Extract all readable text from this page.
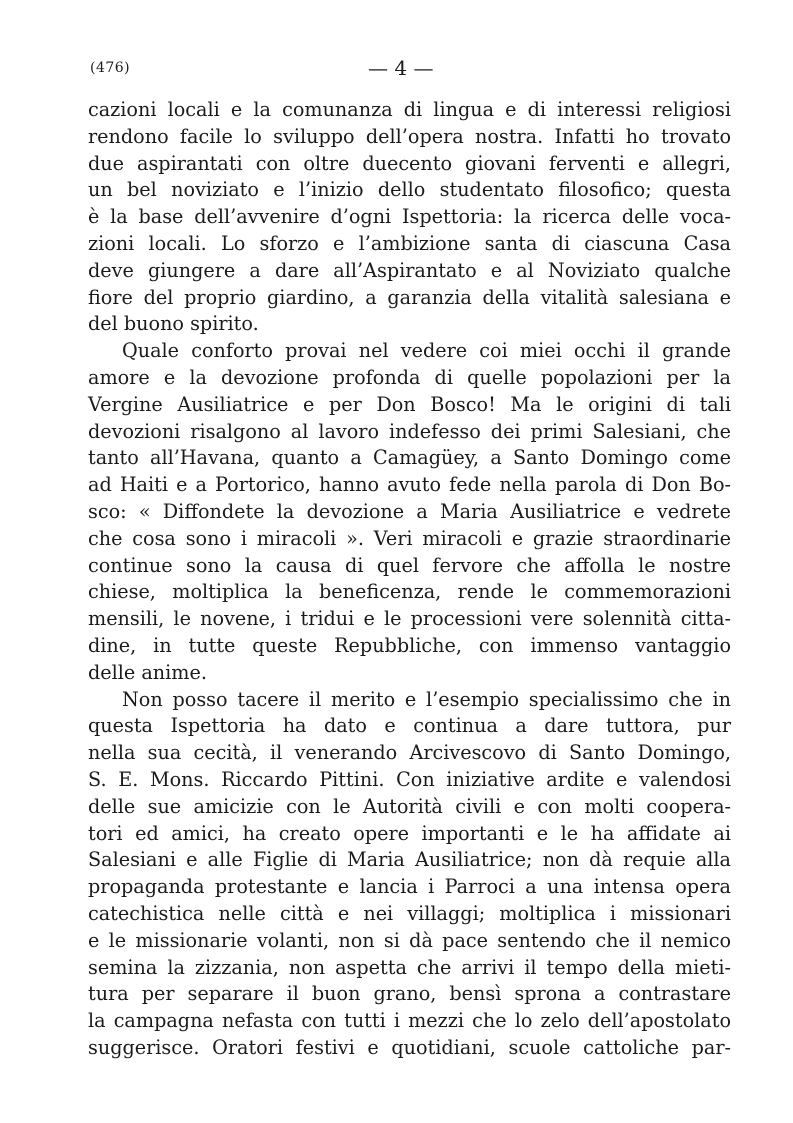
(476)	— 4 —
cazioni locali e la comunanza di lingua e di interessi religiosi
rendono facile lo sviluppo dell’opera nostra. Infatti ho trovato
due aspirantati con oltre duecento giovani ferventi e allegri,
un bel noviziato e l’inizio dello studentato filosofico; questa
è la base dell’avvenire d’ogni Ispettoria: la ricerca delle voca-
zioni locali. Lo sforzo e l’ambizione santa di ciascuna Casa
deve giungere a dare all’Aspirantato e al Noviziato qualche
fiore del proprio giardino, a garanzia della vitalità salesiana e
del buono spirito.
Quale conforto provai nel vedere coi miei occhi il grande
amore e la devozione profonda di quelle popolazioni per la
Vergine Ausiliatrice e per Don Bosco! Ma le origini di tali
devozioni risalgono al lavoro indefesso dei primi Salesiani, che
tanto all’Havana, quanto a Camagüey, a Santo Domingo come
ad Haiti e a Portorico, hanno avuto fede nella parola di Don Bo-
sco: « Diffondete la devozione a Maria Ausiliatrice e vedrete
che cosa sono i miracoli ». Veri miracoli e grazie straordinarie
continue sono la causa di quel fervore che affolla le nostre
chiese, moltiplica la beneficenza, rende le commemorazioni
mensili, le novene, i tridui e le processioni vere solennità citta-
dine, in tutte queste Repubbliche, con immenso vantaggio
delle anime.
Non posso tacere il merito e l’esempio specialissimo che in
questa Ispettoria ha dato e continua a dare tuttora, pur
nella sua cecità, il venerando Arcivescovo di Santo Domingo,
S. E. Mons. Riccardo Pittini. Con iniziative ardite e valendosi
delle sue amicizie con le Autorità civili e con molti coopera-
tori ed amici, ha creato opere importanti e le ha affidate ai
Salesiani e alle Figlie di Maria Ausiliatrice; non dà requie alla
propaganda protestante e lancia i Parroci a una intensa opera
catechistica nelle città e nei villaggi; moltiplica i missionari
e le missionarie volanti, non si dà pace sentendo che il nemico
semina la zizzania, non aspetta che arrivi il tempo della mieti-
tura per separare il buon grano, bensì sprona a contrastare
la campagna nefasta con tutti i mezzi che lo zelo dell’apostolato
suggerisce. Oratori festivi e quotidiani, scuole cattoliche par-
